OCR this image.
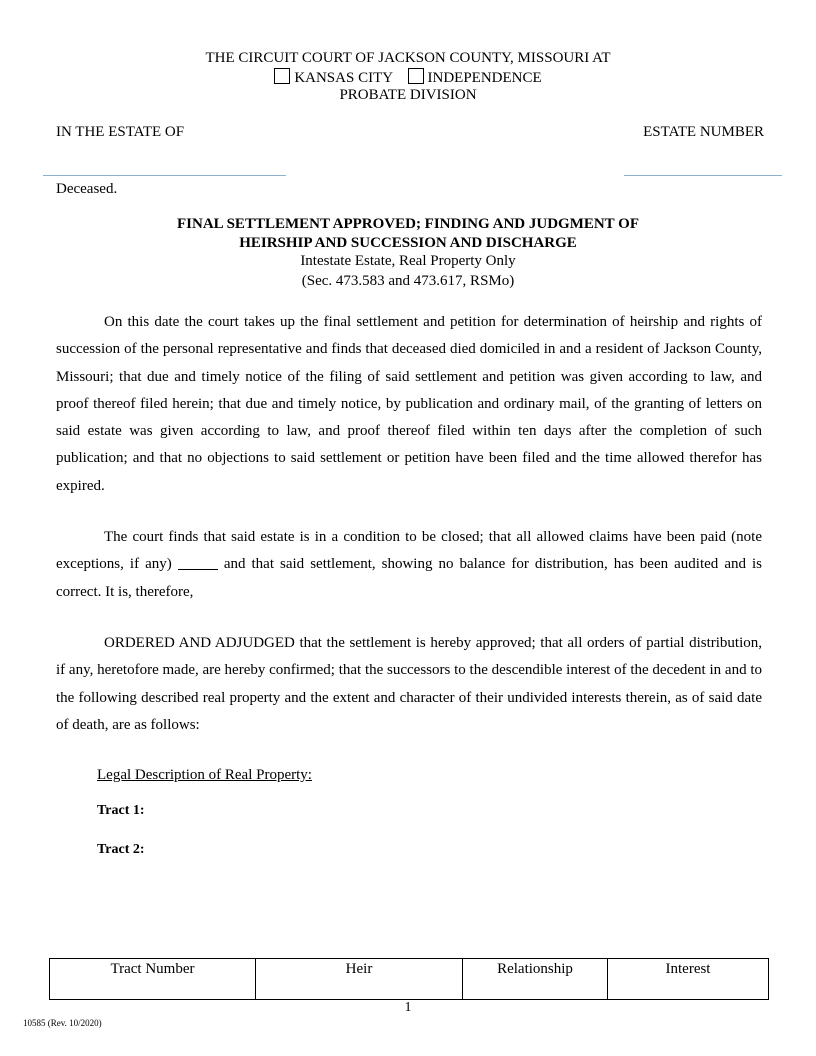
THE CIRCUIT COURT OF JACKSON COUNTY, MISSOURI AT
KANSAS CITY INDEPENDENCE
PROBATE DIVISION
IN THE ESTATE OF	ESTATE NUMBER
Deceased.
FINAL SETTLEMENT APPROVED; FINDING AND JUDGMENT OF
HEIRSHIP AND SUCCESSION AND DISCHARGE
Intestate Estate, Real Property Only
(Sec. 473.583 and 473.617, RSMo)
On this date the court takes up the final settlement and petition for determination of heirship and rights of succession of the personal representative and finds that deceased died domiciled in and a resident of Jackson County, Missouri; that due and timely notice of the filing of said settlement and petition was given according to law, and proof thereof filed herein; that due and timely notice, by publication and ordinary mail, of the granting of letters on said estate was given according to law, and proof thereof filed within ten days after the completion of such publication; and that no objections to said settlement or petition have been filed and the time allowed therefor has expired.
The court finds that said estate is in a condition to be closed; that all allowed claims have been paid (note exceptions, if any)	and that said settlement, showing no balance for distribution, has been audited and is correct. It is, therefore,
ORDERED AND ADJUDGED that the settlement is hereby approved; that all orders of partial distribution, if any, heretofore made, are hereby confirmed; that the successors to the descendible interest of the decedent in and to the following described real property and the extent and character of their undivided interests therein, as of said date of death, are as follows:
Legal Description of Real Property:
Tract 1:
Tract 2:
Tract Number	Heir	Relationship	Interest
1
10585 (Rev. 10/2020)
